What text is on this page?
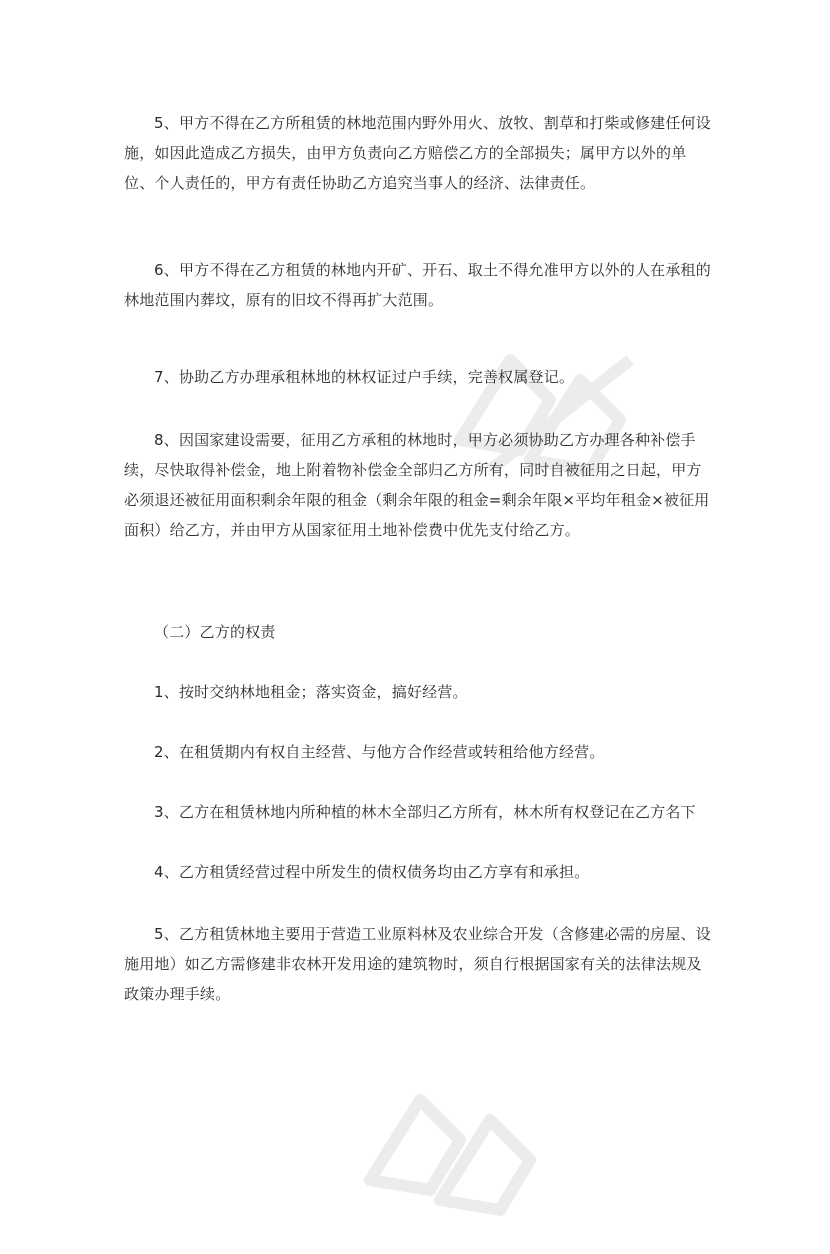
5、甲方不得在乙方所租赁的林地范围内野外用火、放牧、割草和打柴或修建任何设施，如因此造成乙方损失，由甲方负责向乙方赔偿乙方的全部损失；属甲方以外的单位、个人责任的，甲方有责任协助乙方追究当事人的经济、法律责任。
6、甲方不得在乙方租赁的林地内开矿、开石、取土不得允准甲方以外的人在承租的林地范围内葬坟，原有的旧坟不得再扩大范围。
7、协助乙方办理承租林地的林权证过户手续，完善权属登记。
8、因国家建设需要，征用乙方承租的林地时，甲方必须协助乙方办理各种补偿手续，尽快取得补偿金，地上附着物补偿金全部归乙方所有，同时自被征用之日起，甲方必须退还被征用面积剩余年限的租金（剩余年限的租金=剩余年限×平均年租金×被征用面积）给乙方，并由甲方从国家征用土地补偿费中优先支付给乙方。
（二）乙方的权责
1、按时交纳林地租金；落实资金，搞好经营。
2、在租赁期内有权自主经营、与他方合作经营或转租给他方经营。
3、乙方在租赁林地内所种植的林木全部归乙方所有，林木所有权登记在乙方名下
4、乙方租赁经营过程中所发生的债权债务均由乙方享有和承担。
5、乙方租赁林地主要用于营造工业原料林及农业综合开发（含修建必需的房屋、设施用地）如乙方需修建非农林开发用途的建筑物时，须自行根据国家有关的法律法规及政策办理手续。
